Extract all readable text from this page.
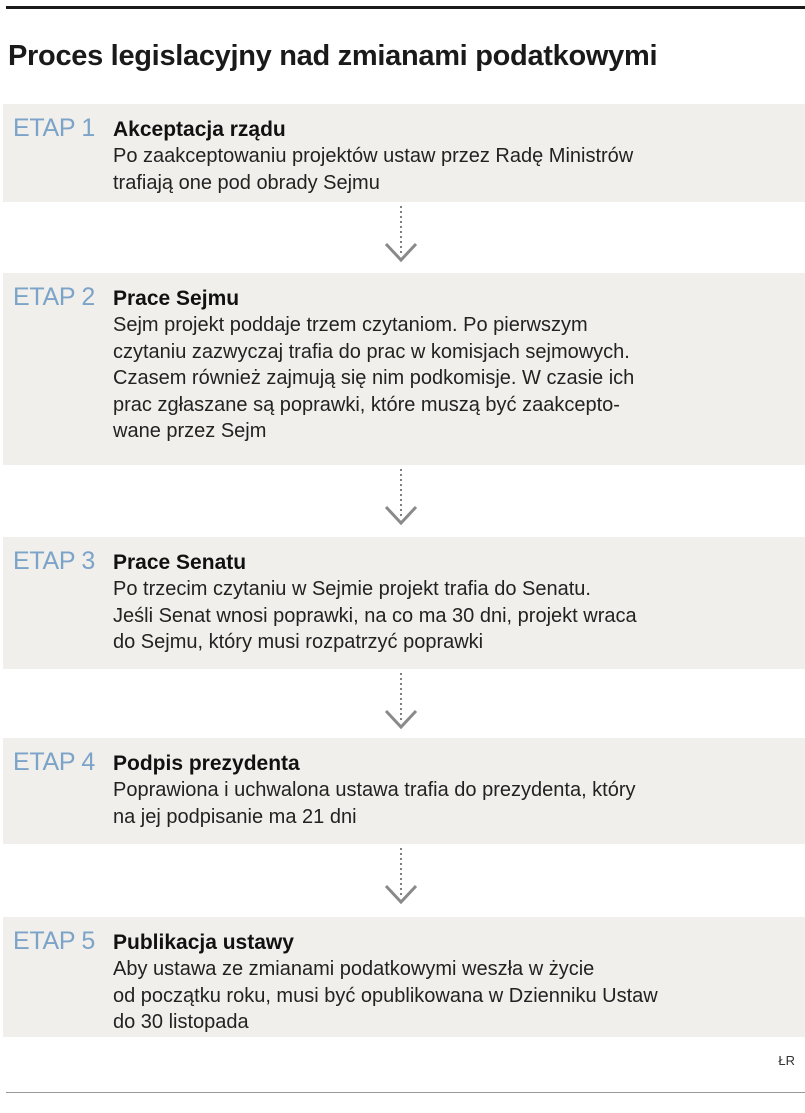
Proces legislacyjny nad zmianami podatkowymi
ETAP 1 Akceptacja rządu
Po zaakceptowaniu projektów ustaw przez Radę Ministrów
trafiają one pod obrady Sejmu
ETAP 2 Prace Sejmu
Sejm projekt poddaje trzem czytaniom. Po pierwszym
czytaniu zazwyczaj trafia do prac w komisjach sejmowych.
Czasem również zajmują się nim podkomisje. W czasie ich
prac zgłaszane są poprawki, które muszą być zaakcepto-
wane przez Sejm
ETAP 3 Prace Senatu
Po trzecim czytaniu w Sejmie projekt trafia do Senatu.
Jeśli Senat wnosi poprawki, na co ma 30 dni, projekt wraca
do Sejmu, który musi rozpatrzyć poprawki
ETAP 4 Podpis prezydenta
Poprawiona i uchwalona ustawa trafia do prezydenta, który
na jej podpisanie ma 21 dni
ETAP 5 Publikacja ustawy
Aby ustawa ze zmianami podatkowymi weszła w życie
od początku roku, musi być opublikowana w Dzienniku Ustaw
do 30 listopada
ŁR
